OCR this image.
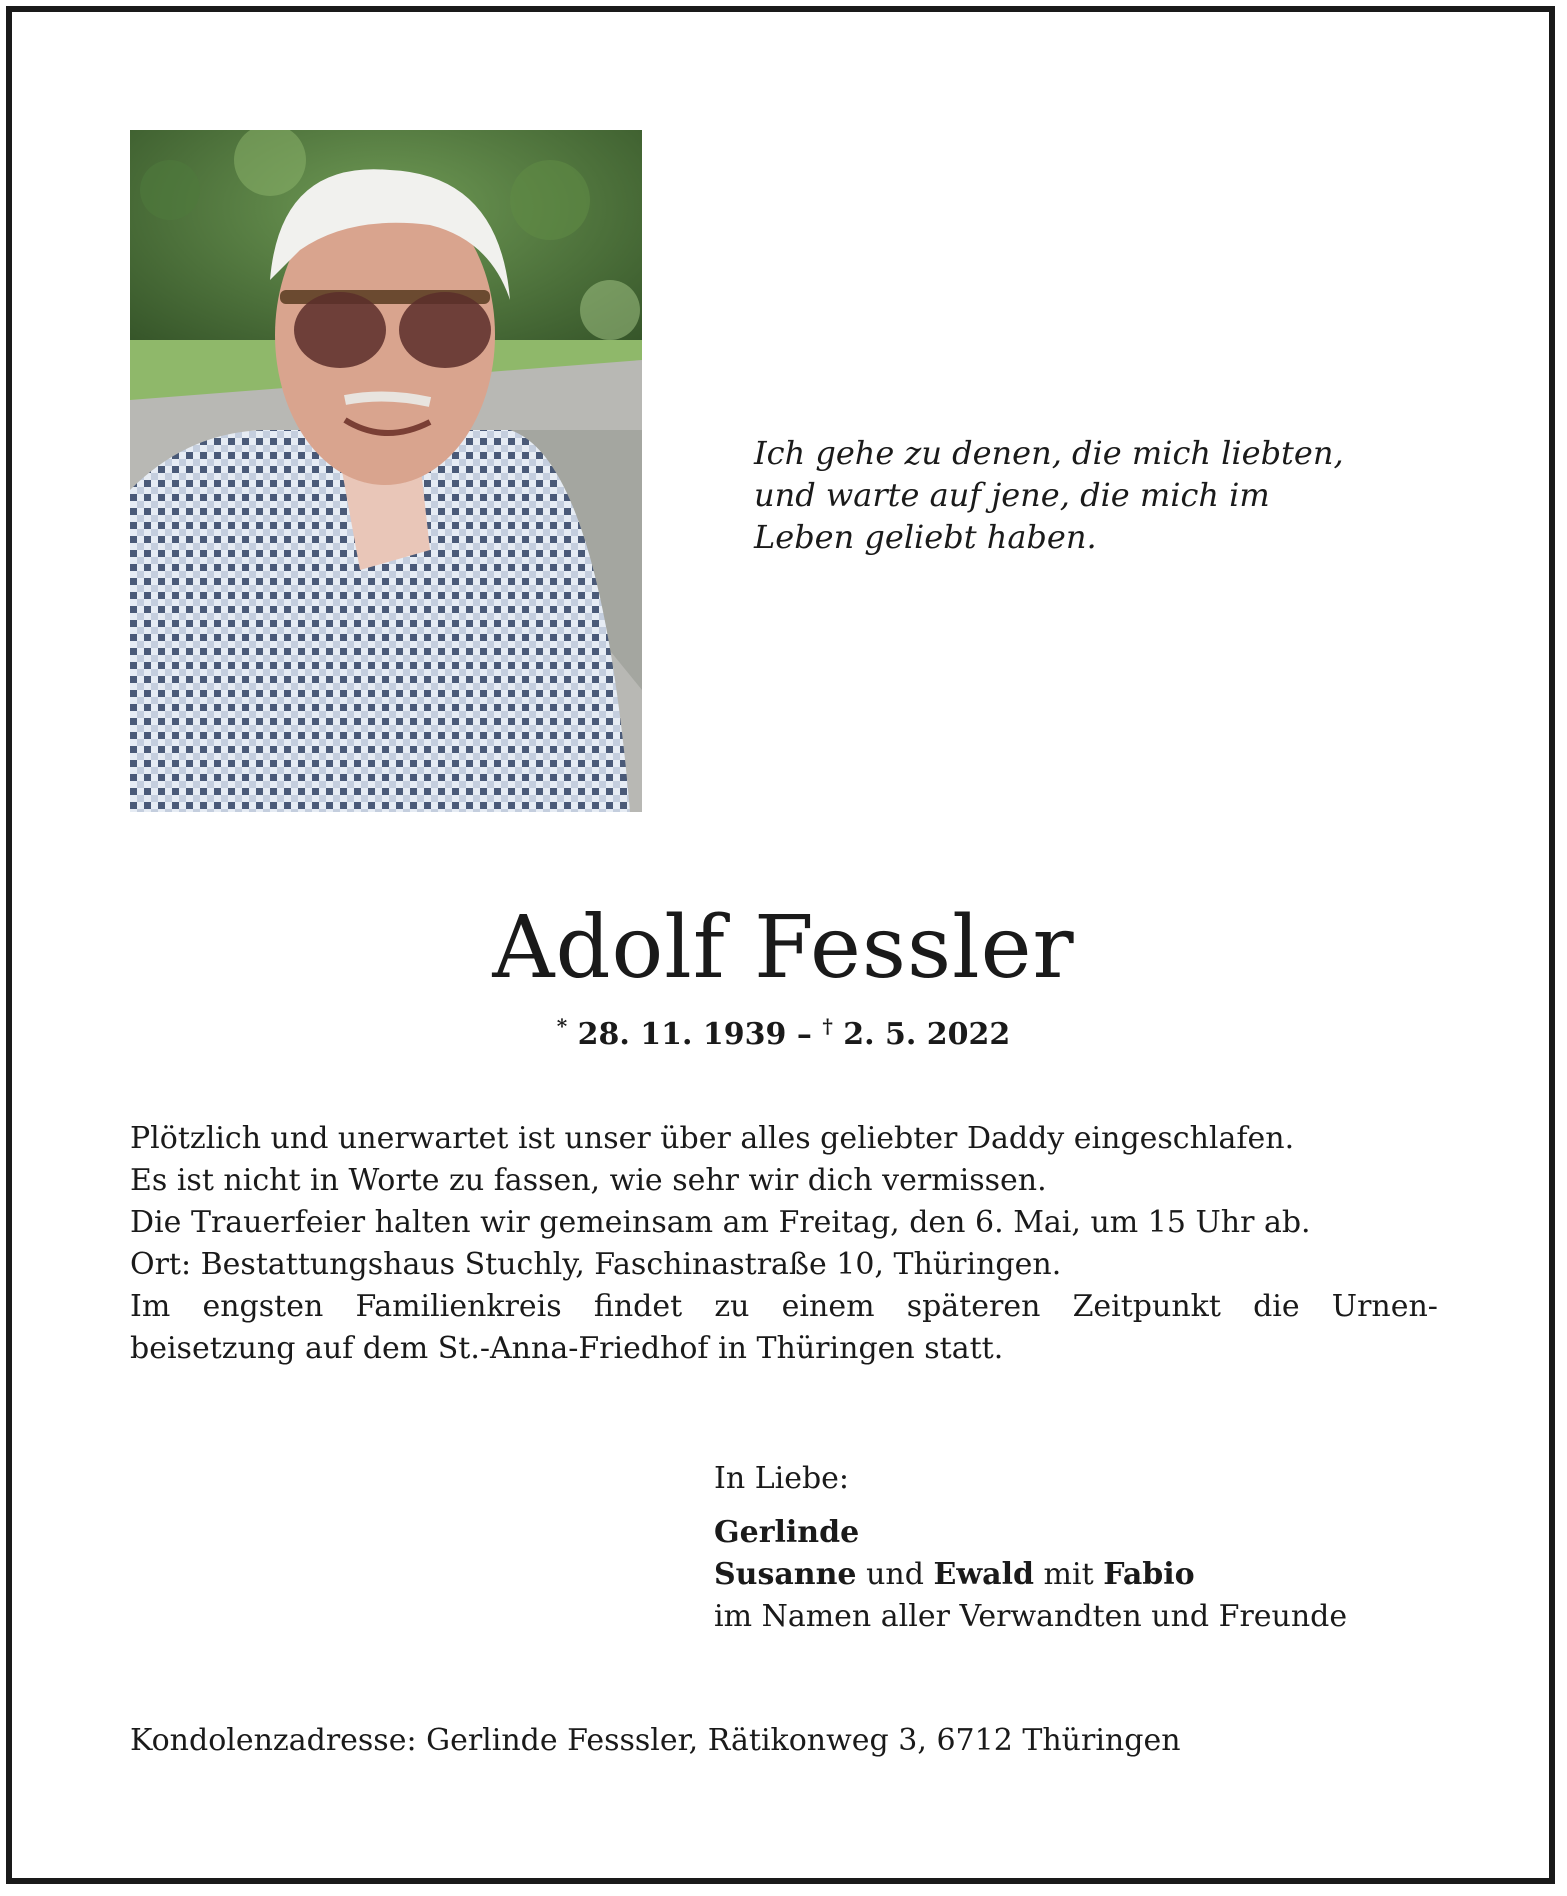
Ich gehe zu denen, die mich liebten,
und warte auf jene, die mich im
Leben geliebt haben.
Adolf Fessler
* 28. 11. 1939 – † 2. 5. 2022
Plötzlich und unerwartet ist unser über alles geliebter Daddy eingeschlafen.
Es ist nicht in Worte zu fassen, wie sehr wir dich vermissen.
Die Trauerfeier halten wir gemeinsam am Freitag, den 6. Mai, um 15 Uhr ab.
Ort: Bestattungshaus Stuchly, Faschinastraße 10, Thüringen.
Im engsten Familienkreis findet zu einem späteren Zeitpunkt die Urnen-
beisetzung auf dem St.-Anna-Friedhof in Thüringen statt.
In Liebe:
Gerlinde
Susanne und Ewald mit Fabio
im Namen aller Verwandten und Freunde
Kondolenzadresse: Gerlinde Fesssler, Rätikonweg 3, 6712 Thüringen
